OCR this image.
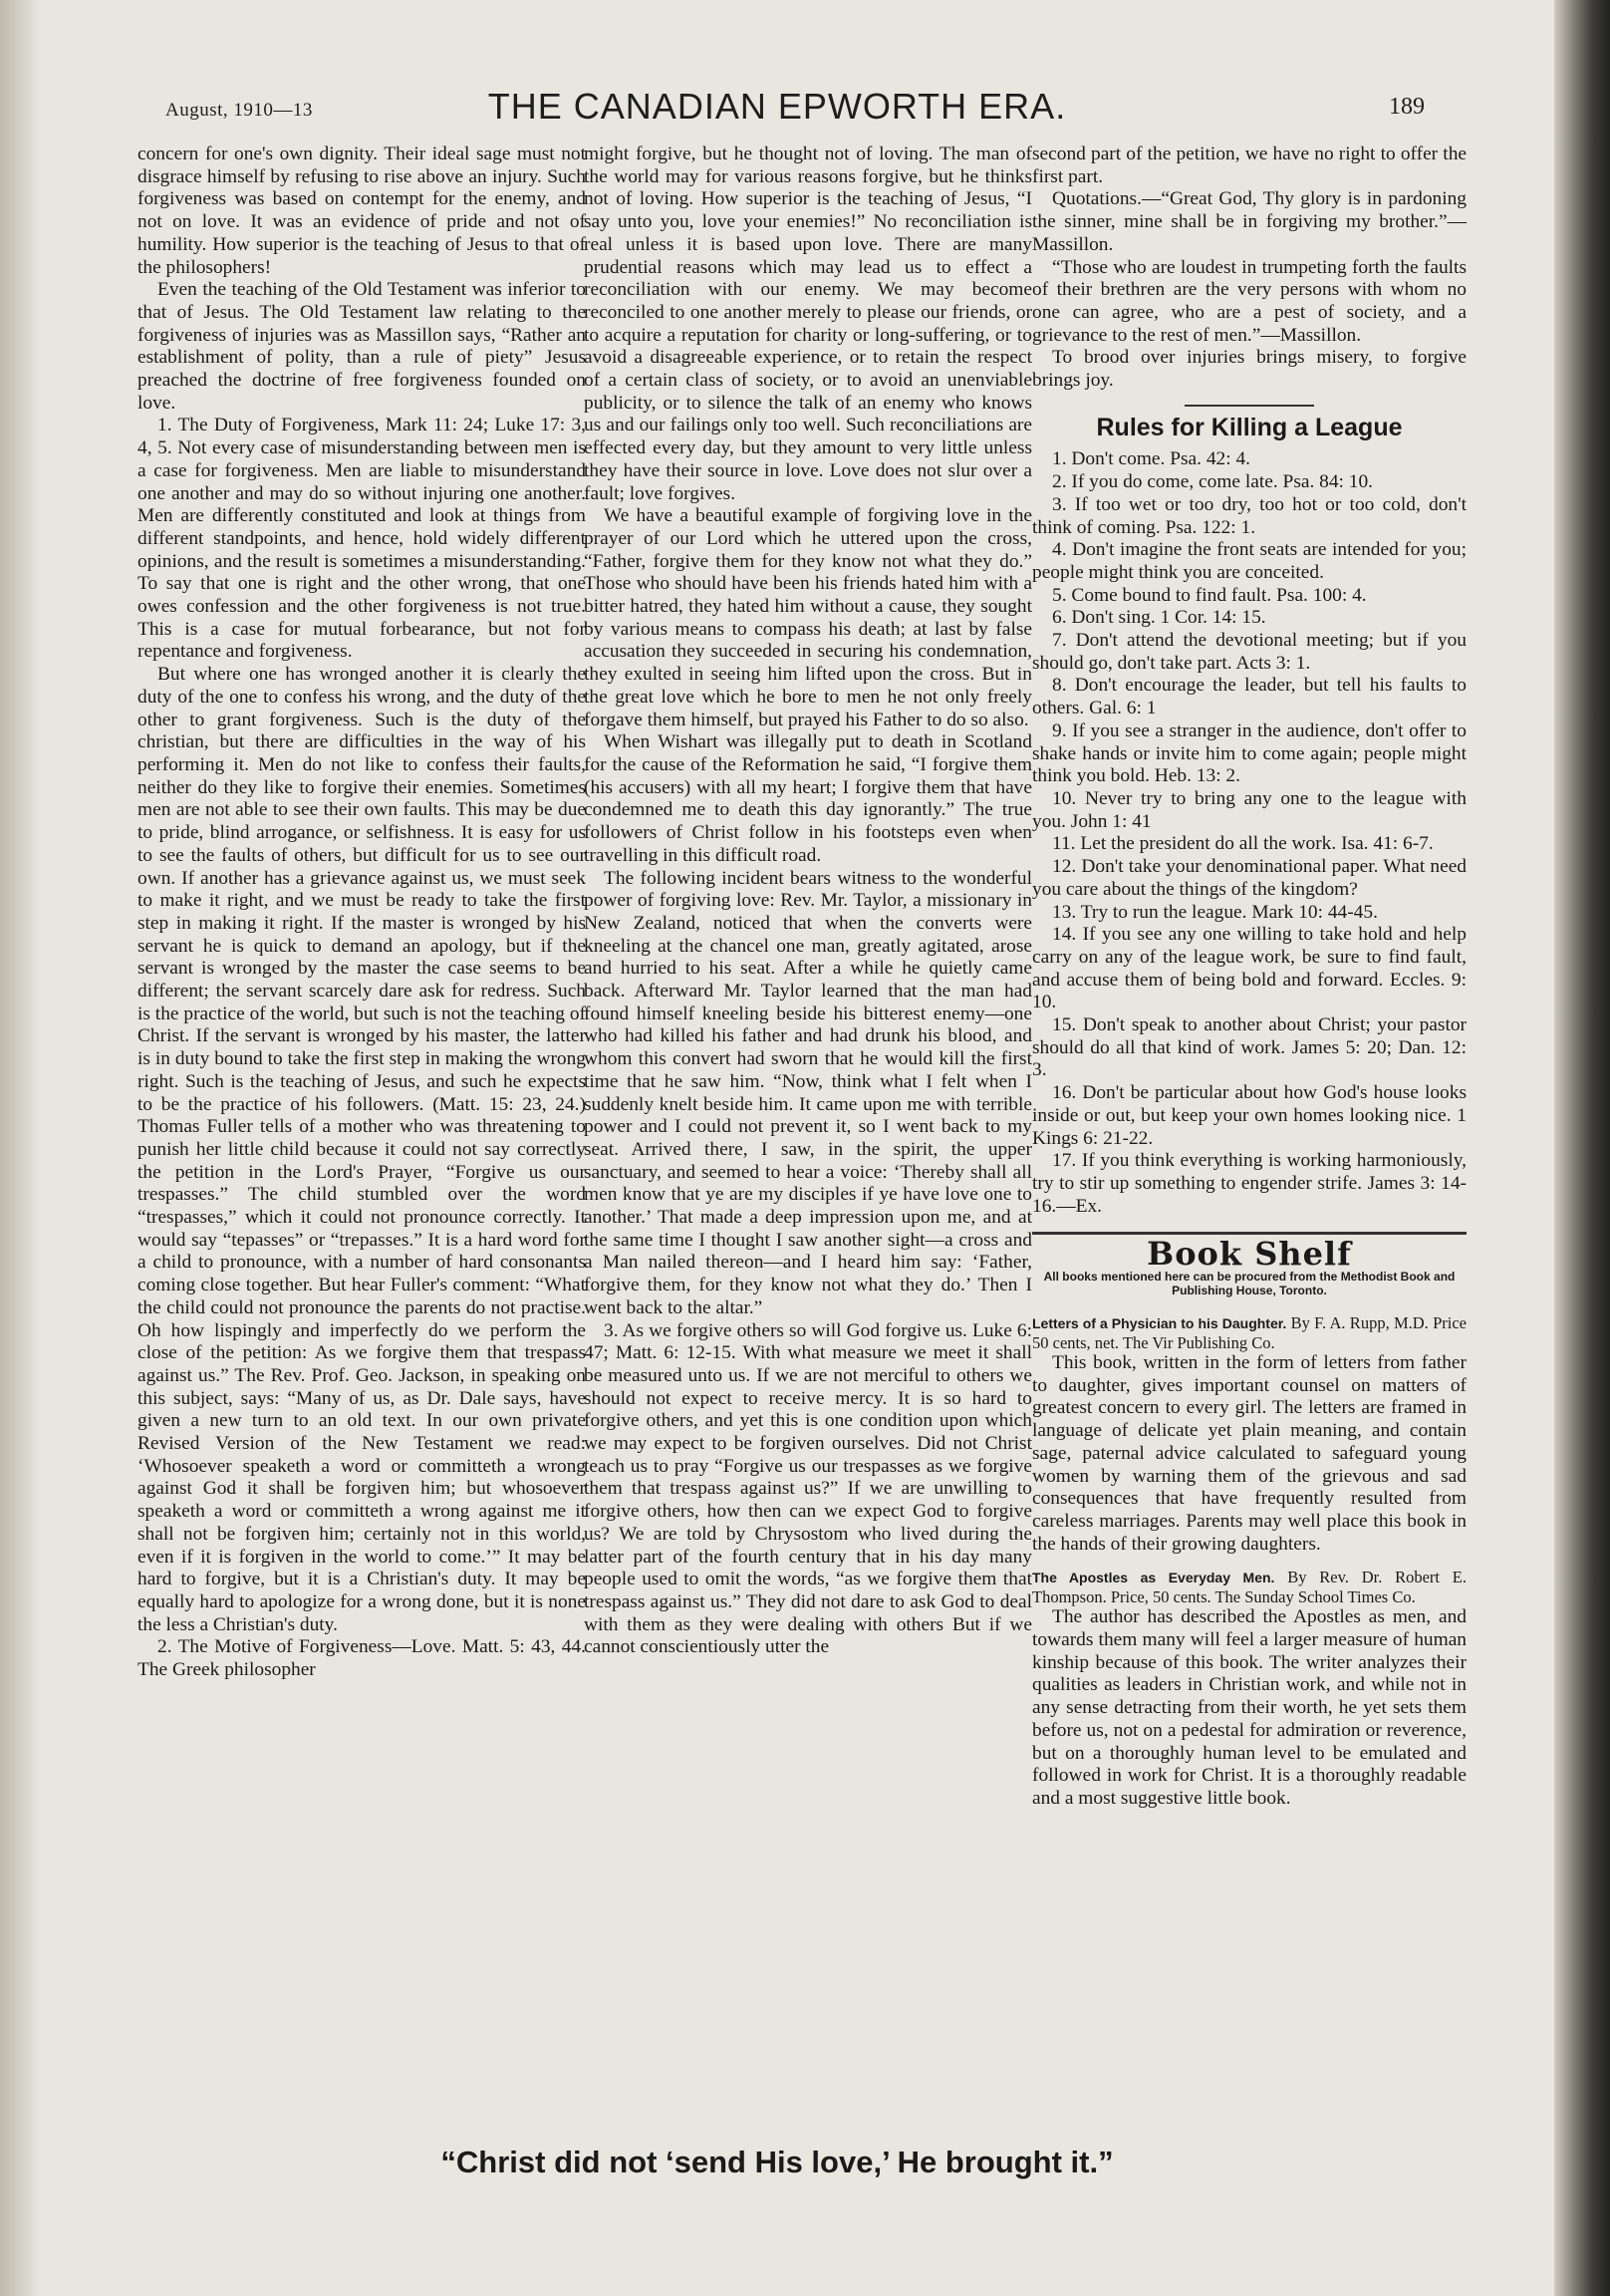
August, 1910—13	THE CANADIAN EPWORTH ERA.	189

concern for one's own dignity. Their ideal sage must not disgrace himself by refusing to rise above an injury. Such forgiveness was based on contempt for the enemy, and not on love. It was an evidence of pride and not of humility. How superior is the teaching of Jesus to that of the philosophers!

Even the teaching of the Old Testament was inferior to that of Jesus. The Old Testament law relating to the forgiveness of injuries was as Massillon says, “Rather an establishment of polity, than a rule of piety” Jesus preached the doctrine of free forgiveness founded on love.

1. The Duty of Forgiveness, Mark 11: 24; Luke 17: 3, 4, 5. Not every case of misunderstanding between men is a case for forgiveness. Men are liable to misunderstand one another and may do so without injuring one another. Men are differently constituted and look at things from different standpoints, and hence, hold widely different opinions, and the result is sometimes a misunderstanding. To say that one is right and the other wrong, that one owes confession and the other forgiveness is not true. This is a case for mutual forbearance, but not for repentance and forgiveness.

But where one has wronged another it is clearly the duty of the one to confess his wrong, and the duty of the other to grant forgiveness. Such is the duty of the christian, but there are difficulties in the way of his performing it. Men do not like to confess their faults, neither do they like to forgive their enemies. Sometimes men are not able to see their own faults. This may be due to pride, blind arrogance, or selfishness. It is easy for us to see the faults of others, but difficult for us to see our own. If another has a grievance against us, we must seek to make it right, and we must be ready to take the first step in making it right. If the master is wronged by his servant he is quick to demand an apology, but if the servant is wronged by the master the case seems to be different; the servant scarcely dare ask for redress. Such is the practice of the world, but such is not the teaching of Christ. If the servant is wronged by his master, the latter is in duty bound to take the first step in making the wrong right. Such is the teaching of Jesus, and such he expects to be the practice of his followers. (Matt. 15: 23, 24.) Thomas Fuller tells of a mother who was threatening to punish her little child because it could not say correctly the petition in the Lord's Prayer, “Forgive us our trespasses.” The child stumbled over the word “trespasses,” which it could not pronounce correctly. It would say “tepasses” or “trepasses.” It is a hard word for a child to pronounce, with a number of hard consonants coming close together. But hear Fuller's comment: “What the child could not pronounce the parents do not practise. Oh how lispingly and imperfectly do we perform the close of the petition: As we forgive them that trespass against us.” The Rev. Prof. Geo. Jackson, in speaking on this subject, says: “Many of us, as Dr. Dale says, have given a new turn to an old text. In our own private Revised Version of the New Testament we read: ‘Whosoever speaketh a word or committeth a wrong against God it shall be forgiven him; but whosoever speaketh a word or committeth a wrong against me it shall not be forgiven him; certainly not in this world, even if it is forgiven in the world to come.’” It may be hard to forgive, but it is a Christian's duty. It may be equally hard to apologize for a wrong done, but it is none the less a Christian's duty.

2. The Motive of Forgiveness—Love. Matt. 5: 43, 44. The Greek philosopher

might forgive, but he thought not of loving. The man of the world may for various reasons forgive, but he thinks not of loving. How superior is the teaching of Jesus, “I say unto you, love your enemies!” No reconciliation is real unless it is based upon love. There are many prudential reasons which may lead us to effect a reconciliation with our enemy. We may become reconciled to one another merely to please our friends, or to acquire a reputation for charity or long-suffering, or to avoid a disagreeable experience, or to retain the respect of a certain class of society, or to avoid an unenviable publicity, or to silence the talk of an enemy who knows us and our failings only too well. Such reconciliations are effected every day, but they amount to very little unless they have their source in love. Love does not slur over a fault; love forgives.

We have a beautiful example of forgiving love in the prayer of our Lord which he uttered upon the cross, “Father, forgive them for they know not what they do.” Those who should have been his friends hated him with a bitter hatred, they hated him without a cause, they sought by various means to compass his death; at last by false accusation they succeeded in securing his condemnation, they exulted in seeing him lifted upon the cross. But in the great love which he bore to men he not only freely forgave them himself, but prayed his Father to do so also.

When Wishart was illegally put to death in Scotland for the cause of the Reformation he said, “I forgive them (his accusers) with all my heart; I forgive them that have condemned me to death this day ignorantly.” The true followers of Christ follow in his footsteps even when travelling in this difficult road.

The following incident bears witness to the wonderful power of forgiving love: Rev. Mr. Taylor, a missionary in New Zealand, noticed that when the converts were kneeling at the chancel one man, greatly agitated, arose and hurried to his seat. After a while he quietly came back. Afterward Mr. Taylor learned that the man had found himself kneeling beside his bitterest enemy—one who had killed his father and had drunk his blood, and whom this convert had sworn that he would kill the first time that he saw him. “Now, think what I felt when I suddenly knelt beside him. It came upon me with terrible power and I could not prevent it, so I went back to my seat. Arrived there, I saw, in the spirit, the upper sanctuary, and seemed to hear a voice: ‘Thereby shall all men know that ye are my disciples if ye have love one to another.’ That made a deep impression upon me, and at the same time I thought I saw another sight—a cross and a Man nailed thereon—and I heard him say: ‘Father, forgive them, for they know not what they do.’ Then I went back to the altar.”

3. As we forgive others so will God forgive us. Luke 6: 47; Matt. 6: 12-15. With what measure we meet it shall be measured unto us. If we are not merciful to others we should not expect to receive mercy. It is so hard to forgive others, and yet this is one condition upon which we may expect to be forgiven ourselves. Did not Christ teach us to pray “Forgive us our trespasses as we forgive them that trespass against us?” If we are unwilling to forgive others, how then can we expect God to forgive us? We are told by Chrysostom who lived during the latter part of the fourth century that in his day many people used to omit the words, “as we forgive them that trespass against us.” They did not dare to ask God to deal with them as they were dealing with others But if we cannot conscientiously utter the

second part of the petition, we have no right to offer the first part.

Quotations.—“Great God, Thy glory is in pardoning the sinner, mine shall be in forgiving my brother.”—Massillon.

“Those who are loudest in trumpeting forth the faults of their brethren are the very persons with whom no one can agree, who are a pest of society, and a grievance to the rest of men.”—Massillon.

To brood over injuries brings misery, to forgive brings joy.

Rules for Killing a League

1. Don't come. Psa. 42: 4.

2. If you do come, come late. Psa. 84: 10.

3. If too wet or too dry, too hot or too cold, don't think of coming. Psa. 122: 1.

4. Don't imagine the front seats are intended for you; people might think you are conceited.

5. Come bound to find fault. Psa. 100: 4.

6. Don't sing. 1 Cor. 14: 15.

7. Don't attend the devotional meeting; but if you should go, don't take part. Acts 3: 1.

8. Don't encourage the leader, but tell his faults to others. Gal. 6: 1

9. If you see a stranger in the audience, don't offer to shake hands or invite him to come again; people might think you bold. Heb. 13: 2.

10. Never try to bring any one to the league with you. John 1: 41

11. Let the president do all the work. Isa. 41: 6-7.

12. Don't take your denominational paper. What need you care about the things of the kingdom?

13. Try to run the league. Mark 10: 44-45.

14. If you see any one willing to take hold and help carry on any of the league work, be sure to find fault, and accuse them of being bold and forward. Eccles. 9: 10.

15. Don't speak to another about Christ; your pastor should do all that kind of work. James 5: 20; Dan. 12: 3.

16. Don't be particular about how God's house looks inside or out, but keep your own homes looking nice. 1 Kings 6: 21-22.

17. If you think everything is working harmoniously, try to stir up something to engender strife. James 3: 14-16.—Ex.

Book Shelf
All books mentioned here can be procured from the Methodist Book and Publishing House, Toronto.

Letters of a Physician to his Daughter. By F. A. Rupp, M.D. Price 50 cents, net. The Vir Publishing Co.

This book, written in the form of letters from father to daughter, gives important counsel on matters of greatest concern to every girl. The letters are framed in language of delicate yet plain meaning, and contain sage, paternal advice calculated to safeguard young women by warning them of the grievous and sad consequences that have frequently resulted from careless marriages. Parents may well place this book in the hands of their growing daughters.

The Apostles as Everyday Men. By Rev. Dr. Robert E. Thompson. Price, 50 cents. The Sunday School Times Co.

The author has described the Apostles as men, and towards them many will feel a larger measure of human kinship because of this book. The writer analyzes their qualities as leaders in Christian work, and while not in any sense detracting from their worth, he yet sets them before us, not on a pedestal for admiration or reverence, but on a thoroughly human level to be emulated and followed in work for Christ. It is a thoroughly readable and a most suggestive little book.

“Christ did not ‘send His love,’ He brought it.”
